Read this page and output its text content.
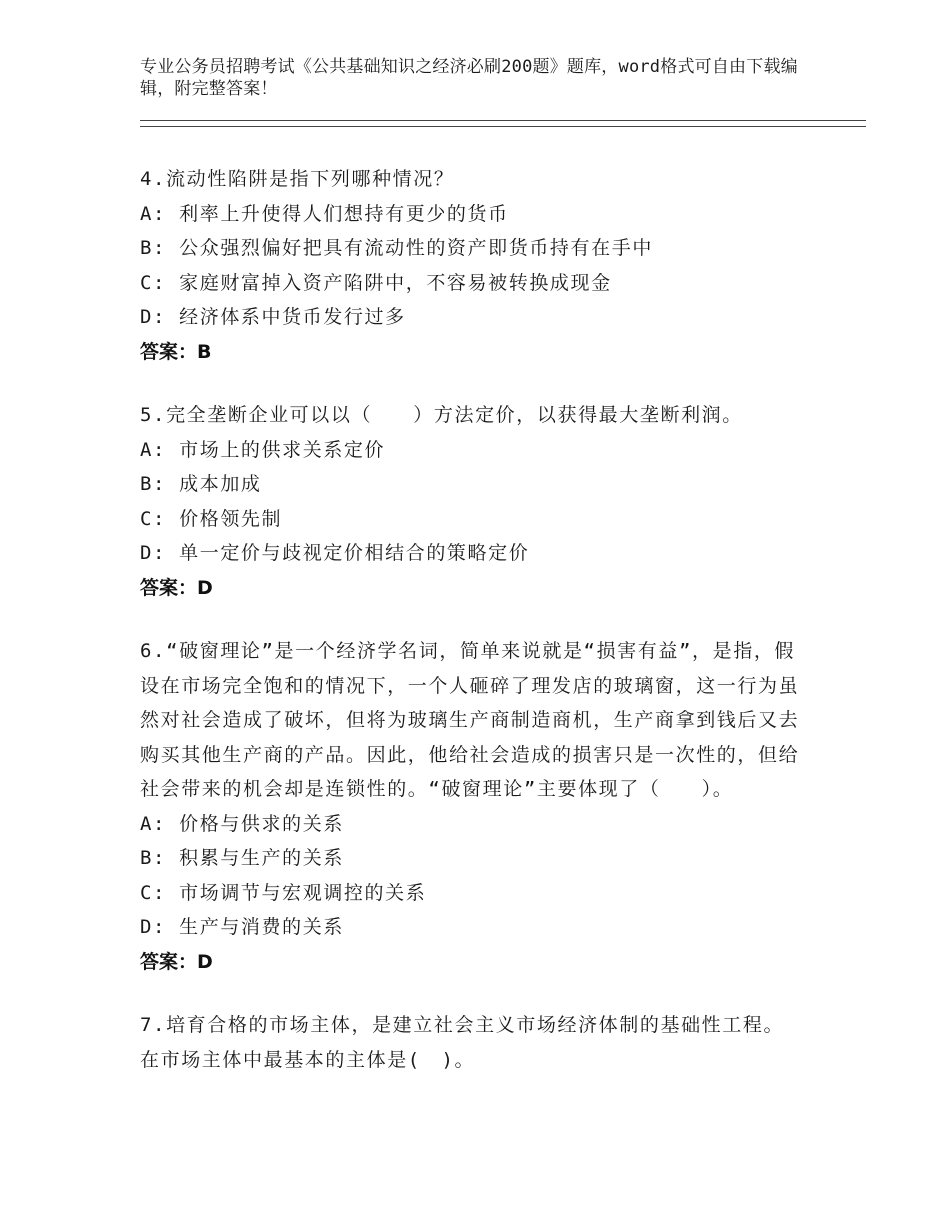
专业公务员招聘考试《公共基础知识之经济必刷200题》题库，word格式可自由下载编辑，附完整答案！
4.流动性陷阱是指下列哪种情况？
A: 利率上升使得人们想持有更少的货币
B: 公众强烈偏好把具有流动性的资产即货币持有在手中
C: 家庭财富掉入资产陷阱中，不容易被转换成现金
D: 经济体系中货币发行过多
答案：B
5.完全垄断企业可以以（　　）方法定价，以获得最大垄断利润。
A: 市场上的供求关系定价
B: 成本加成
C: 价格领先制
D: 单一定价与歧视定价相结合的策略定价
答案：D
6.“破窗理论”是一个经济学名词，简单来说就是“损害有益”，是指，假设在市场完全饱和的情况下，一个人砸碎了理发店的玻璃窗，这一行为虽然对社会造成了破坏，但将为玻璃生产商制造商机，生产商拿到钱后又去购买其他生产商的产品。因此，他给社会造成的损害只是一次性的，但给社会带来的机会却是连锁性的。“破窗理论”主要体现了（　　）。
A: 价格与供求的关系
B: 积累与生产的关系
C: 市场调节与宏观调控的关系
D: 生产与消费的关系
答案：D
7.培育合格的市场主体，是建立社会主义市场经济体制的基础性工程。在市场主体中最基本的主体是(　)。
